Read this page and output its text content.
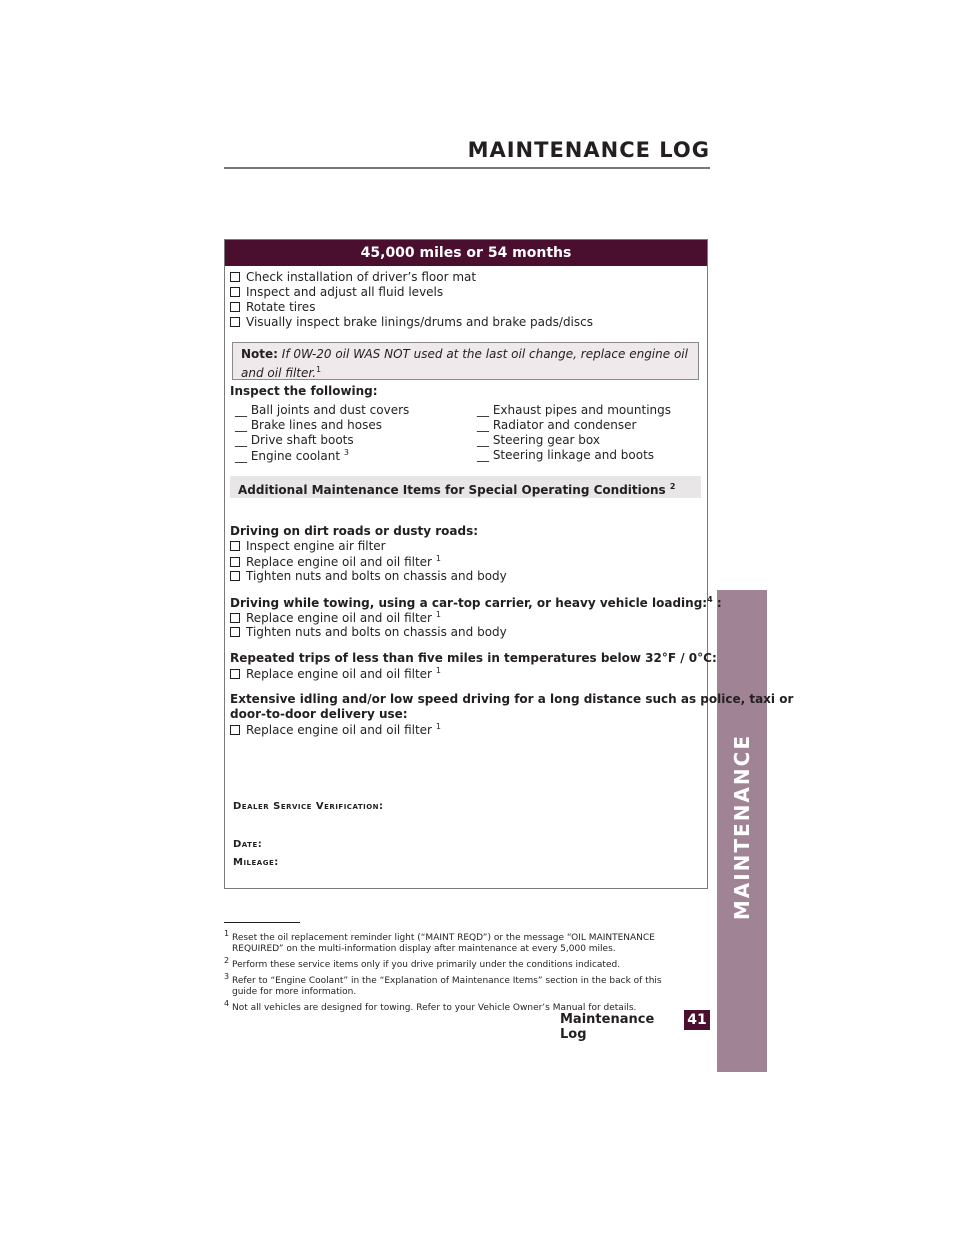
MAINTENANCE LOG
MAINTENANCE
45,000 miles or 54 months
Check installation of driver’s floor mat
Inspect and adjust all fluid levels
Rotate tires
Visually inspect brake linings/drums and brake pads/discs
Note: If 0W-20 oil WAS NOT used at the last oil change, replace engine oil and oil filter.$^1$
Inspect the following:
__ Ball joints and dust covers
__ Brake lines and hoses
__ Drive shaft boots
__ Engine coolant $^3$
__ Exhaust pipes and mountings
__ Radiator and condenser
__ Steering gear box
__ Steering linkage and boots
Additional Maintenance Items for Special Operating Conditions $^2$
Driving on dirt roads or dusty roads:
Inspect engine air filter
Replace engine oil and oil filter $^1$
Tighten nuts and bolts on chassis and body
Driving while towing, using a car-top carrier, or heavy vehicle loading:$^4$ :
Replace engine oil and oil filter $^1$
Tighten nuts and bolts on chassis and body
Repeated trips of less than five miles in temperatures below 32°F / 0°C:
Replace engine oil and oil filter $^1$
Extensive idling and/or low speed driving for a long distance such as police, taxi or
door-to-door delivery use:
Replace engine oil and oil filter $^1$
Dealer Service Verification:
Date:
Mileage:

$^1$ Reset the oil replacement reminder light (“MAINT REQD”) or the message “OIL MAINTENANCE

REQUIRED” on the multi-information display after maintenance at every 5,000 miles.

$^2$ Perform these service items only if you drive primarily under the conditions indicated.

$^3$ Refer to “Engine Coolant” in the “Explanation of Maintenance Items” section in the back of this

guide for more information.

$^4$ Not all vehicles are designed for towing. Refer to your Vehicle Owner’s Manual for details.

Maintenance Log
41
